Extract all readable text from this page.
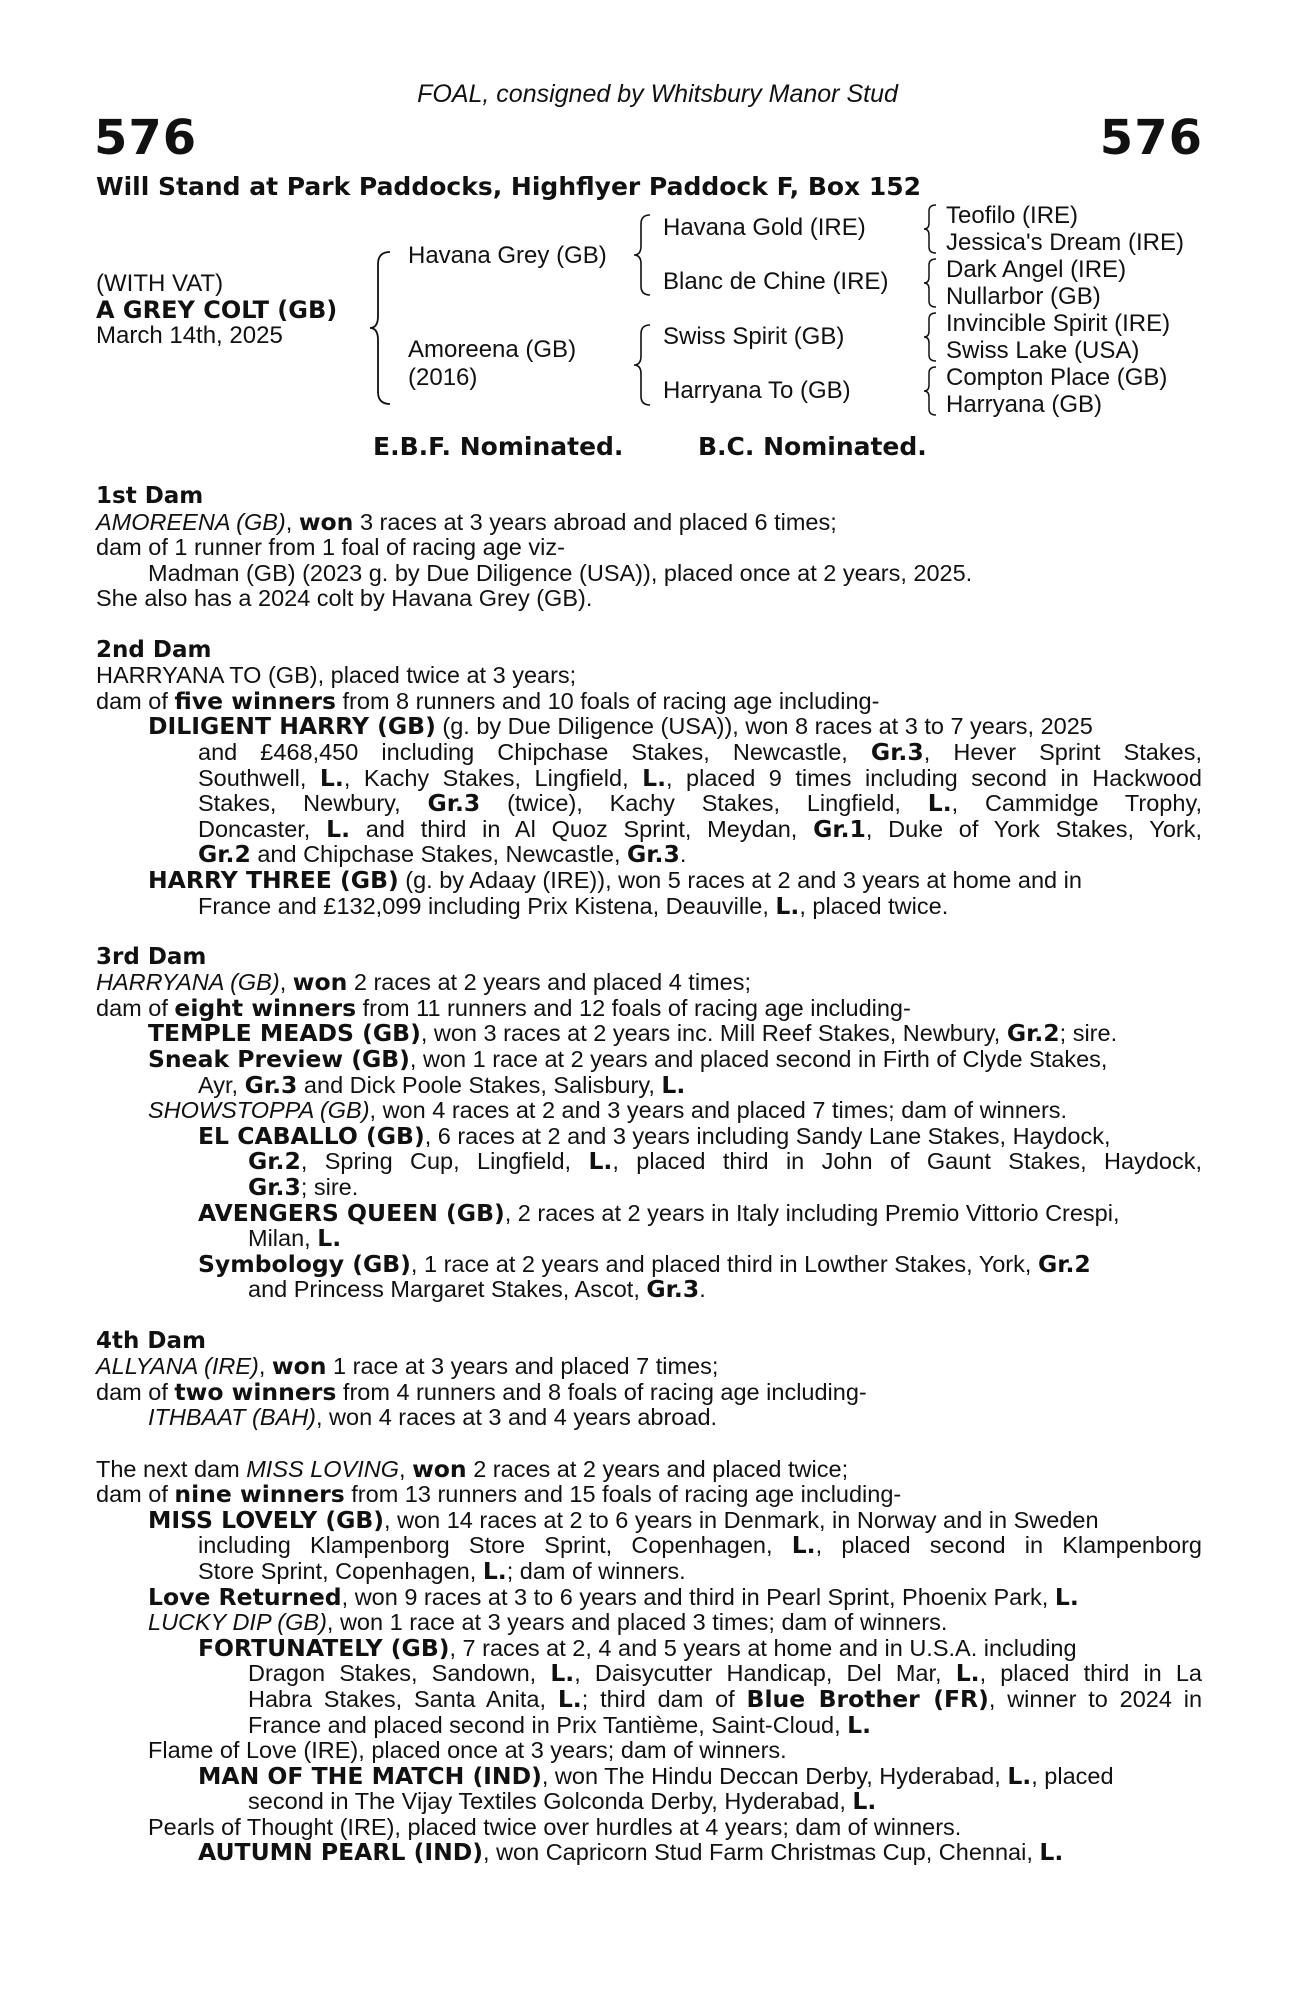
FOAL, consigned by Whitsbury Manor Stud
576	576
Will Stand at Park Paddocks, Highflyer Paddock F, Box 152
(WITH VAT)
A GREY COLT (GB)
March 14th, 2025
Havana Grey (GB)
Amoreena (GB)
(2016)
Havana Gold (IRE)
Blanc de Chine (IRE)
Swiss Spirit (GB)
Harryana To (GB)
Teofilo (IRE)
Jessica's Dream (IRE)
Dark Angel (IRE)
Nullarbor (GB)
Invincible Spirit (IRE)
Swiss Lake (USA)
Compton Place (GB)
Harryana (GB)
E.B.F. Nominated.	B.C. Nominated.
1st Dam
AMOREENA (GB), won 3 races at 3 years abroad and placed 6 times;
dam of 1 runner from 1 foal of racing age viz-
Madman (GB) (2023 g. by Due Diligence (USA)), placed once at 2 years, 2025.
She also has a 2024 colt by Havana Grey (GB).
2nd Dam
HARRYANA TO (GB), placed twice at 3 years;
dam of five winners from 8 runners and 10 foals of racing age including-
DILIGENT HARRY (GB) (g. by Due Diligence (USA)), won 8 races at 3 to 7 years, 2025
and £468,450 including Chipchase Stakes, Newcastle, Gr.3, Hever Sprint Stakes,
Southwell, L., Kachy Stakes, Lingfield, L., placed 9 times including second in Hackwood
Stakes, Newbury, Gr.3 (twice), Kachy Stakes, Lingfield, L., Cammidge Trophy,
Doncaster, L. and third in Al Quoz Sprint, Meydan, Gr.1, Duke of York Stakes, York,
Gr.2 and Chipchase Stakes, Newcastle, Gr.3.
HARRY THREE (GB) (g. by Adaay (IRE)), won 5 races at 2 and 3 years at home and in
France and £132,099 including Prix Kistena, Deauville, L., placed twice.
3rd Dam
HARRYANA (GB), won 2 races at 2 years and placed 4 times;
dam of eight winners from 11 runners and 12 foals of racing age including-
TEMPLE MEADS (GB), won 3 races at 2 years inc. Mill Reef Stakes, Newbury, Gr.2; sire.
Sneak Preview (GB), won 1 race at 2 years and placed second in Firth of Clyde Stakes,
Ayr, Gr.3 and Dick Poole Stakes, Salisbury, L.
SHOWSTOPPA (GB), won 4 races at 2 and 3 years and placed 7 times; dam of winners.
EL CABALLO (GB), 6 races at 2 and 3 years including Sandy Lane Stakes, Haydock,
Gr.2, Spring Cup, Lingfield, L., placed third in John of Gaunt Stakes, Haydock,
Gr.3; sire.
AVENGERS QUEEN (GB), 2 races at 2 years in Italy including Premio Vittorio Crespi,
Milan, L.
Symbology (GB), 1 race at 2 years and placed third in Lowther Stakes, York, Gr.2
and Princess Margaret Stakes, Ascot, Gr.3.
4th Dam
ALLYANA (IRE), won 1 race at 3 years and placed 7 times;
dam of two winners from 4 runners and 8 foals of racing age including-
ITHBAAT (BAH), won 4 races at 3 and 4 years abroad.
The next dam MISS LOVING, won 2 races at 2 years and placed twice;
dam of nine winners from 13 runners and 15 foals of racing age including-
MISS LOVELY (GB), won 14 races at 2 to 6 years in Denmark, in Norway and in Sweden
including Klampenborg Store Sprint, Copenhagen, L., placed second in Klampenborg
Store Sprint, Copenhagen, L.; dam of winners.
Love Returned, won 9 races at 3 to 6 years and third in Pearl Sprint, Phoenix Park, L.
LUCKY DIP (GB), won 1 race at 3 years and placed 3 times; dam of winners.
FORTUNATELY (GB), 7 races at 2, 4 and 5 years at home and in U.S.A. including
Dragon Stakes, Sandown, L., Daisycutter Handicap, Del Mar, L., placed third in La
Habra Stakes, Santa Anita, L.; third dam of Blue Brother (FR), winner to 2024 in
France and placed second in Prix Tantième, Saint-Cloud, L.
Flame of Love (IRE), placed once at 3 years; dam of winners.
MAN OF THE MATCH (IND), won The Hindu Deccan Derby, Hyderabad, L., placed
second in The Vijay Textiles Golconda Derby, Hyderabad, L.
Pearls of Thought (IRE), placed twice over hurdles at 4 years; dam of winners.
AUTUMN PEARL (IND), won Capricorn Stud Farm Christmas Cup, Chennai, L.
